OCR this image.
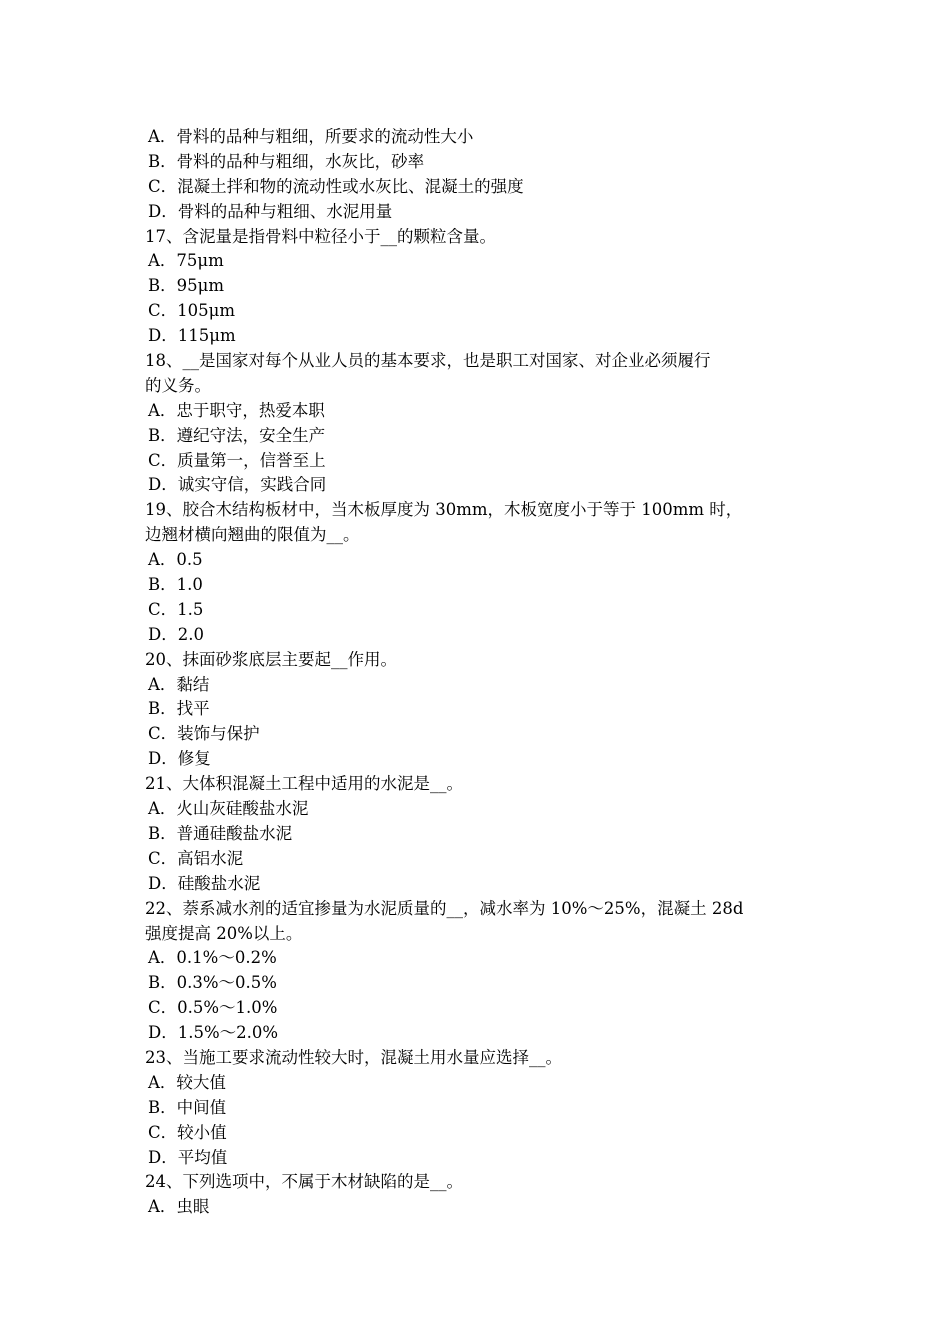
A．骨料的品种与粗细，所要求的流动性大小
B．骨料的品种与粗细，水灰比，砂率
C．混凝土拌和物的流动性或水灰比、混凝土的强度
D．骨料的品种与粗细、水泥用量
17、含泥量是指骨料中粒径小于__的颗粒含量。
A．75μm
B．95μm
C．105μm
D．115μm
18、__是国家对每个从业人员的基本要求，也是职工对国家、对企业必须履行
的义务。
A．忠于职守，热爱本职
B．遵纪守法，安全生产
C．质量第一，信誉至上
D．诚实守信，实践合同
19、胶合木结构板材中，当木板厚度为 30mm，木板宽度小于等于 100mm 时，
边翘材横向翘曲的限值为__。
A．0.5
B．1.0
C．1.5
D．2.0
20、抹面砂浆底层主要起__作用。
A．黏结
B．找平
C．装饰与保护
D．修复
21、大体积混凝土工程中适用的水泥是__。
A．火山灰硅酸盐水泥
B．普通硅酸盐水泥
C．高铝水泥
D．硅酸盐水泥
22、萘系减水剂的适宜掺量为水泥质量的__，减水率为 10%～25%，混凝土 28d
强度提高 20%以上。
A．0.1%～0.2%
B．0.3%～0.5%
C．0.5%～1.0%
D．1.5%～2.0%
23、当施工要求流动性较大时，混凝土用水量应选择__。
A．较大值
B．中间值
C．较小值
D．平均值
24、下列选项中，不属于木材缺陷的是__。
A．虫眼
